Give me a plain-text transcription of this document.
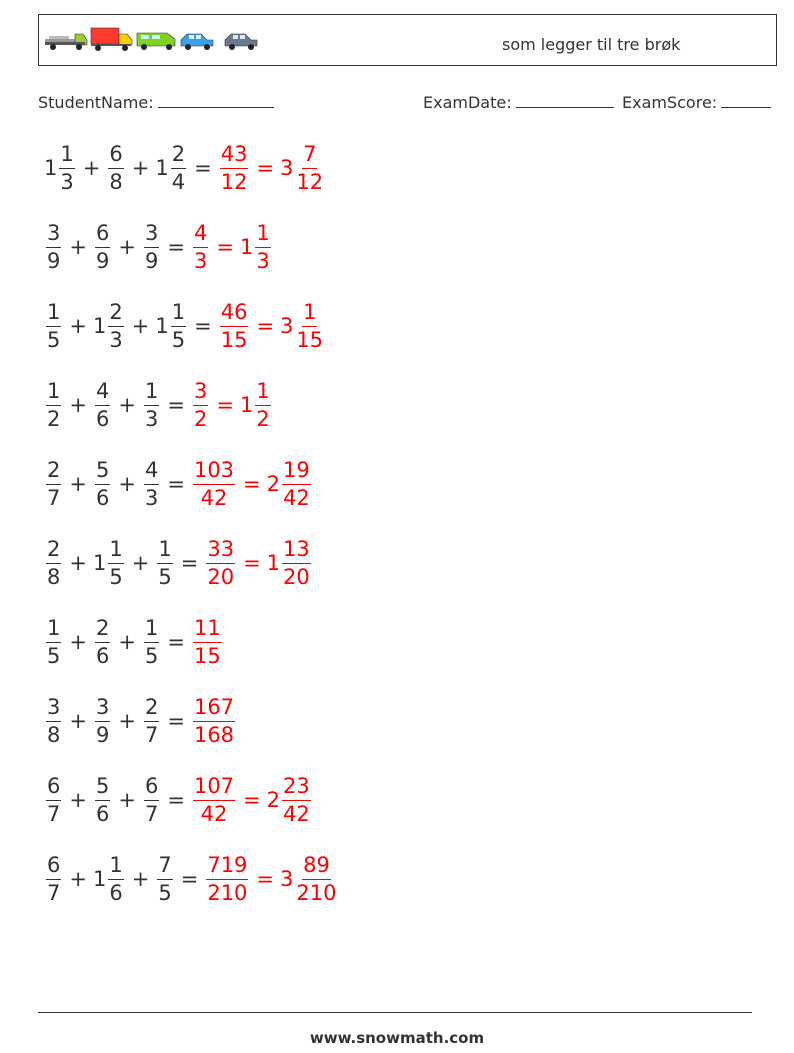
som legger til tre brøk
StudentName:	ExamDate:	ExamScore:
$1 \frac{1}{3} + \frac{6}{8} + 1 \frac{2}{4} = \frac{43}{12} = 3 \frac{7}{12}$
$\frac{3}{9} + \frac{6}{9} + \frac{3}{9} = \frac{4}{3} = 1 \frac{1}{3}$
$\frac{1}{5} + 1 \frac{2}{3} + 1 \frac{1}{5} = \frac{46}{15} = 3 \frac{1}{15}$
$\frac{1}{2} + \frac{4}{6} + \frac{1}{3} = \frac{3}{2} = 1 \frac{1}{2}$
$\frac{2}{7} + \frac{5}{6} + \frac{4}{3} = \frac{103}{42} = 2 \frac{19}{42}$
$\frac{2}{8} + 1 \frac{1}{5} + \frac{1}{5} = \frac{33}{20} = 1 \frac{13}{20}$
$\frac{1}{5} + \frac{2}{6} + \frac{1}{5} = \frac{11}{15}$
$\frac{3}{8} + \frac{3}{9} + \frac{2}{7} = \frac{167}{168}$
$\frac{6}{7} + \frac{5}{6} + \frac{6}{7} = \frac{107}{42} = 2 \frac{23}{42}$
$\frac{6}{7} + 1 \frac{1}{6} + \frac{7}{5} = \frac{719}{210} = 3 \frac{89}{210}$
www.snowmath.com
